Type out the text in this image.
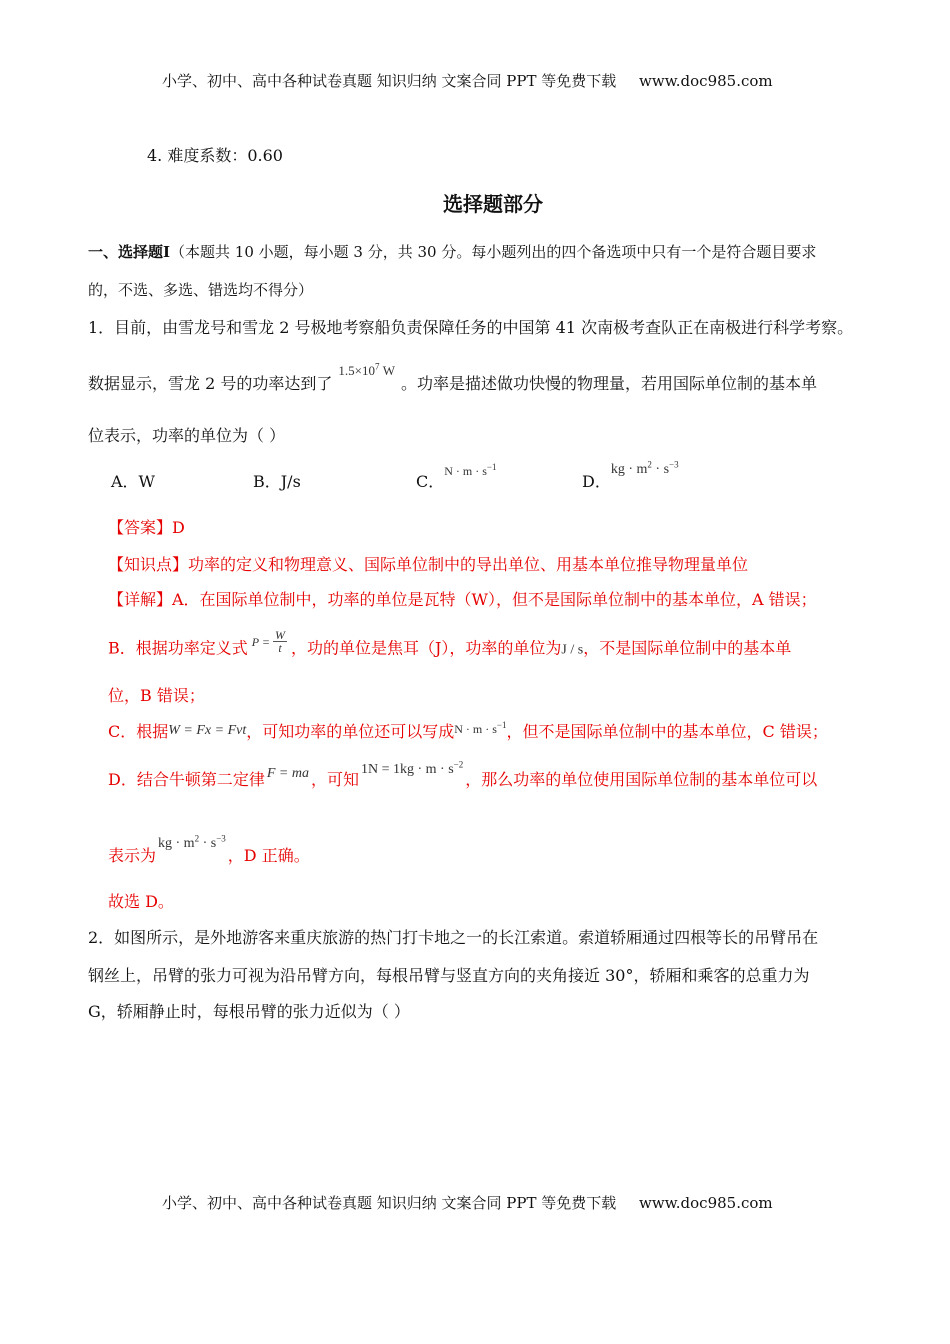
小学、初中、高中各种试卷真题 知识归纳 文案合同 PPT 等免费下载 www.doc985.com
4. 难度系数：0.60
选择题部分
一、选择题Ⅰ（本题共 10 小题，每小题 3 分，共 30 分。每小题列出的四个备选项中只有一个是符合题目要求
的，不选、多选、错选均不得分）
1．目前，由雪龙号和雪龙 2 号极地考察船负责保障任务的中国第 41 次南极考查队正在南极进行科学考察。
数据显示，雪龙 2 号的功率达到了$^{1.5\times 10^7 W}$。功率是描述做功快慢的物理量，若用国际单位制的基本单
位表示，功率的单位为（ ）
A．W	B．J/s	C．$^{N \cdot m \cdot s^{-1}}$
D．kg · $m^2 \cdot s^{-3}$
【答案】D
【知识点】功率的定义和物理意义、国际单位制中的导出单位、用基本单位推导物理量单位
【详解】A．在国际单位制中，功率的单位是瓦特（W），但不是国际单位制中的基本单位，A 错误；
B．根据功率定义式 $P = \frac{W}{t}$ ，功的单位是焦耳（J），功率的单位为J / s，不是国际单位制中的基本单
位，B 错误；
C．根据W = Fx = Fvt，可知功率的单位还可以写成$^{N \cdot m \cdot s^{-1}}$，但不是国际单位制中的基本单位，C 错误；
D．结合牛顿第二定律 F = ma ，可知$1N = 1kg \cdot m \cdot s^{-2}$，那么功率的单位使用国际单位制的基本单位可以
表示为kg · $m^2 \cdot s^{-3}$，D 正确。
故选 D。
2．如图所示，是外地游客来重庆旅游的热门打卡地之一的长江索道。索道轿厢通过四根等长的吊臂吊在
钢丝上，吊臂的张力可视为沿吊臂方向，每根吊臂与竖直方向的夹角接近 30°，轿厢和乘客的总重力为
G，轿厢静止时，每根吊臂的张力近似为（ ）
小学、初中、高中各种试卷真题 知识归纳 文案合同 PPT 等免费下载 www.doc985.com
